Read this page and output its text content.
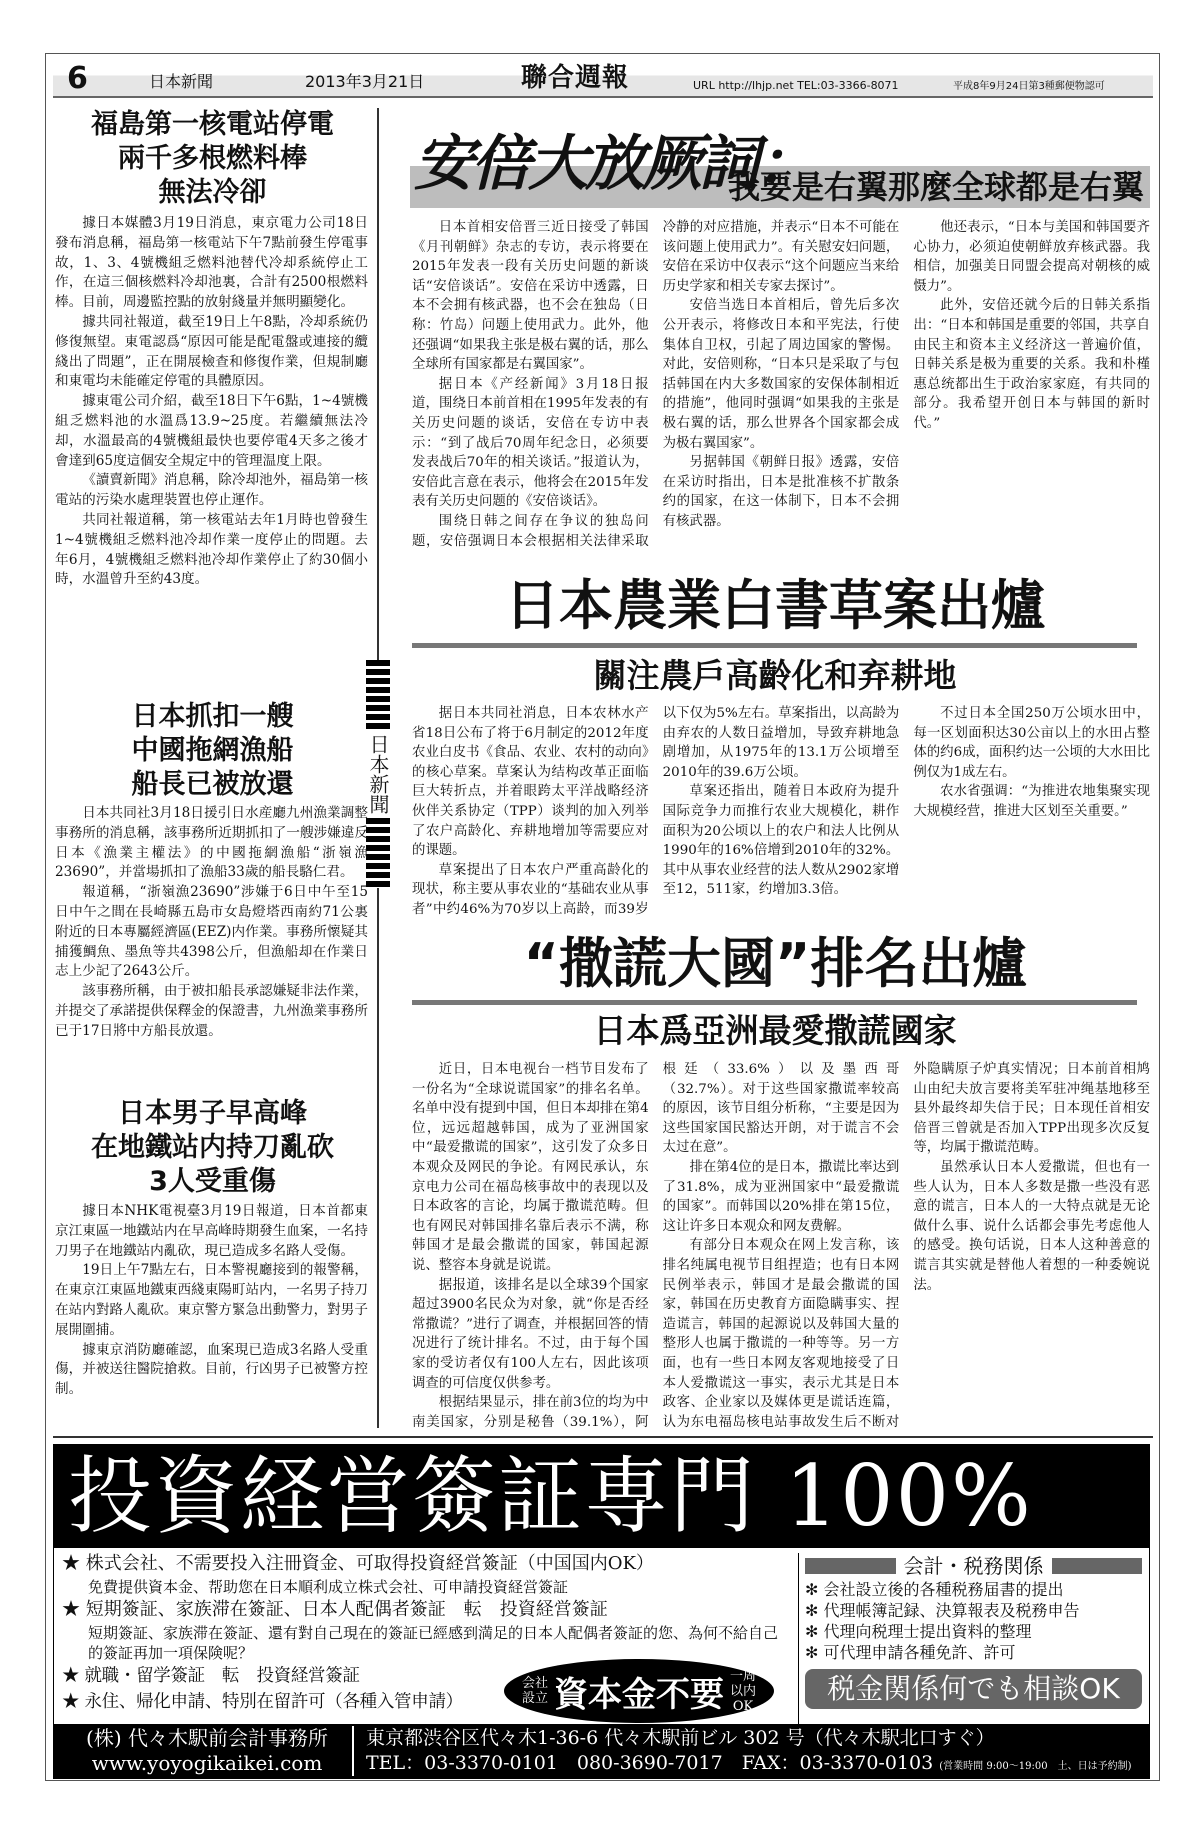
6	日本新聞	2013年3月21日	聯合週報	URL http://lhjp.net TEL:03-3366-8071	平成8年9月24日第3種郵便物認可
日本新聞
福島第一核電站停電
兩千多根燃料棒
無法冷卻

據日本媒體3月19日消息，東京電力公司18日發布消息稱，福島第一核電站下午7點前發生停電事故，1、3、4號機組乏燃料池替代冷却系統停止工作，在這三個核燃料冷却池裏，合計有2500根燃料棒。目前，周邊監控點的放射綫量并無明顯變化。

據共同社報道，截至19日上午8點，冷却系統仍修復無望。東電認爲“原因可能是配電盤或連接的纜綫出了問題”，正在開展檢查和修復作業，但規制廳和東電均未能確定停電的具體原因。

據東電公司介紹，截至18日下午6點，1~4號機組乏燃料池的水溫爲13.9~25度。若繼續無法冷却，水溫最高的4號機組最快也要停電4天多之後才會達到65度這個安全規定中的管理温度上限。

《讀賣新聞》消息稱，除冷却池外，福島第一核電站的污染水處理裝置也停止運作。

共同社報道稱，第一核電站去年1月時也曾發生1~4號機組乏燃料池冷却作業一度停止的問題。去年6月，4號機組乏燃料池冷却作業停止了約30個小時，水溫曾升至約43度。

日本抓扣一艘
中國拖網漁船
船長已被放還

日本共同社3月18日援引日水産廳九州漁業調整事務所的消息稱，該事務所近期抓扣了一艘涉嫌違反日本《漁業主權法》的中國拖網漁船“浙嶺漁23690”，并當場抓扣了漁船33歲的船長駱仁君。

報道稱，“浙嶺漁23690”涉嫌于6日中午至15日中午之間在長崎縣五島市女島燈塔西南約71公裏附近的日本專屬經濟區(EEZ)内作業。事務所懷疑其捕獲鯛魚、墨魚等共4398公斤，但漁船却在作業日志上少記了2643公斤。

該事務所稱，由于被扣船長承認嫌疑非法作業，并提交了承諾提供保釋金的保證書，九州漁業事務所已于17日將中方船長放還。

日本男子早高峰
在地鐵站内持刀亂砍
3人受重傷

據日本NHK電視臺3月19日報道，日本首都東京江東區一地鐵站内在早高峰時期發生血案，一名持刀男子在地鐵站内亂砍，現已造成多名路人受傷。

19日上午7點左右，日本警視廳接到的報警稱，在東京江東區地鐵東西綫東陽町站内，一名男子持刀在站内對路人亂砍。東京警方緊急出動警力，對男子展開圍捕。

據東京消防廳確認，血案現已造成3名路人受重傷，并被送往醫院搶救。目前，行凶男子已被警方控制。

安倍大放厥詞：
我要是右翼那麼全球都是右翼

日本首相安倍晋三近日接受了韩国《月刊朝鲜》杂志的专访，表示将要在2015年发表一段有关历史问题的新谈话“安倍谈话”。安倍在采访中透露，日本不会拥有核武器，也不会在独岛（日称：竹岛）问题上使用武力。此外，他还强调“如果我主张是极右翼的话，那么全球所有国家都是右翼国家”。

据日本《产经新闻》3月18日报道，围绕日本前首相在1995年发表的有关历史问题的谈话，安倍在专访中表示：“到了战后70周年纪念日，必须要发表战后70年的相关谈话。”报道认为，安倍此言意在表示，他将会在2015年发表有关历史问题的《安倍谈话》。

围绕日韩之间存在争议的独岛问题，安倍强调日本会根据相关法律采取冷静的对应措施，并表示“日本不可能在该问题上使用武力”。有关慰安妇问题，安倍在采访中仅表示“这个问题应当来给历史学家和相关专家去探讨”。

安倍当选日本首相后，曾先后多次公开表示，将修改日本和平宪法，行使集体自卫权，引起了周边国家的警惕。对此，安倍则称，“日本只是采取了与包括韩国在内大多数国家的安保体制相近的措施”，他同时强调“如果我的主张是极右翼的话，那么世界各个国家都会成为极右翼国家”。

另据韩国《朝鲜日报》透露，安倍在采访时指出，日本是批准核不扩散条约的国家，在这一体制下，日本不会拥有核武器。

他还表示，“日本与美国和韩国要齐心协力，必须迫使朝鲜放弃核武器。我相信，加强美日同盟会提高对朝核的威慑力”。

此外，安倍还就今后的日韩关系指出：“日本和韩国是重要的邻国，共享自由民主和资本主义经济这一普遍价值，日韩关系是极为重要的关系。我和朴槿惠总统都出生于政治家家庭，有共同的部分。我希望开创日本与韩国的新时代。”

日本農業白書草案出爐
關注農戶高齡化和弃耕地

据日本共同社消息，日本农林水产省18日公布了将于6月制定的2012年度农业白皮书《食品、农业、农村的动向》的核心草案。草案认为结构改革正面临巨大转折点，并着眼跨太平洋战略经济伙伴关系协定（TPP）谈判的加入列举了农户高龄化、弃耕地增加等需要应对的课题。

草案提出了日本农户严重高龄化的现状，称主要从事农业的“基础农业从事者”中约46%为70岁以上高龄，而39岁以下仅为5%左右。草案指出，以高龄为由弃农的人数日益增加，导致弃耕地急剧增加，从1975年的13.1万公顷增至2010年的39.6万公顷。

草案还指出，随着日本政府为提升国际竞争力而推行农业大规模化，耕作面积为20公顷以上的农户和法人比例从1990年的16%倍增到2010年的32%。其中从事农业经营的法人数从2902家增至12，511家，约增加3.3倍。

不过日本全国250万公顷水田中，每一区划面积达30公亩以上的水田占整体的约6成，面积约达一公顷的大水田比例仅为1成左右。

农水省强调：“为推进农地集聚实现大规模经营，推进大区划至关重要。”

“撒謊大國”排名出爐
日本爲亞洲最愛撒謊國家

近日，日本电视台一档节目发布了一份名为“全球说谎国家”的排名名单。名单中没有提到中国，但日本却排在第4位，远远超越韩国，成为了亚洲国家中“最爱撒谎的国家”，这引发了众多日本观众及网民的争论。有网民承认，东京电力公司在福岛核事故中的表现以及日本政客的言论，均属于撒谎范畴。但也有网民对韩国排名靠后表示不满，称韩国才是最会撒谎的国家，韩国起源说、整容本身就是说谎。

据报道，该排名是以全球39个国家超过3900名民众为对象，就“你是否经常撒谎？”进行了调查，并根据回答的情况进行了统计排名。不过，由于每个国家的受访者仅有100人左右，因此该项调查的可信度仅供参考。

根据结果显示，排在前3位的均为中南美国家，分别是秘鲁（39.1%），阿根廷（33.6%）以及墨西哥（32.7%）。对于这些国家撒谎率较高的原因，该节目组分析称，“主要是因为这些国家国民豁达开朗，对于谎言不会太过在意”。

排在第4位的是日本，撒谎比率达到了31.8%，成为亚洲国家中“最爱撒谎的国家”。而韩国以20%排在第15位，这让许多日本观众和网友费解。

有部分日本观众在网上发言称，该排名纯属电视节目组捏造；也有日本网民例举表示，韩国才是最会撒谎的国家，韩国在历史教育方面隐瞒事实、捏造谎言，韩国的起源说以及韩国大量的整形人也属于撒谎的一种等等。另一方面，也有一些日本网友客观地接受了日本人爱撒谎这一事实，表示尤其是日本政客、企业家以及媒体更是谎话连篇，认为东电福岛核电站事故发生后不断对外隐瞒原子炉真实情况；日本前首相鸠山由纪夫放言要将美军驻冲绳基地移至县外最终却失信于民；日本现任首相安倍晋三曾就是否加入TPP出现多次反复等，均属于撒谎范畴。

虽然承认日本人爱撒谎，但也有一些人认为，日本人多数是撒一些没有恶意的谎言，日本人的一大特点就是无论做什么事、说什么话都会事先考虑他人的感受。换句话说，日本人这种善意的谎言其实就是替他人着想的一种委婉说法。

投資経営簽証専門 100%
★ 株式会社、不需要投入注冊資金、可取得投資経営簽証（中国国内OK）
免費提供資本金、帮助您在日本順利成立株式会社、可申請投資経営簽証
★ 短期簽証、家族滞在簽証、日本人配偶者簽証　転　投資経営簽証
短期簽証、家族滞在簽証、還有對自己現在的簽証已經感到満足的日本人配偶者簽証的您、為何不給自己的簽証再加一項保険呢？
★ 就職・留学簽証　転　投資経営簽証
★ 永住、帰化申請、特別在留許可（各種入管申請）
会社設立 資本金不要 一周以内OK
会計・税務関係
✻ 会社設立後的各種税務届書的提出
✻ 代理帳簿記録、決算報表及税務申告
✻ 代理向税理士提出資料的整理
✻ 可代理申請各種免許、許可
税金関係何でも相談OK
(株) 代々木駅前会計事務所
www.yoyogikaikei.com
東京都渋谷区代々木1-36-6 代々木駅前ビル 302 号（代々木駅北口すぐ）
TEL：03-3370-0101　080-3690-7017　FAX：03-3370-0103 (営業時間 9:00～19:00　土、日は予約制)
